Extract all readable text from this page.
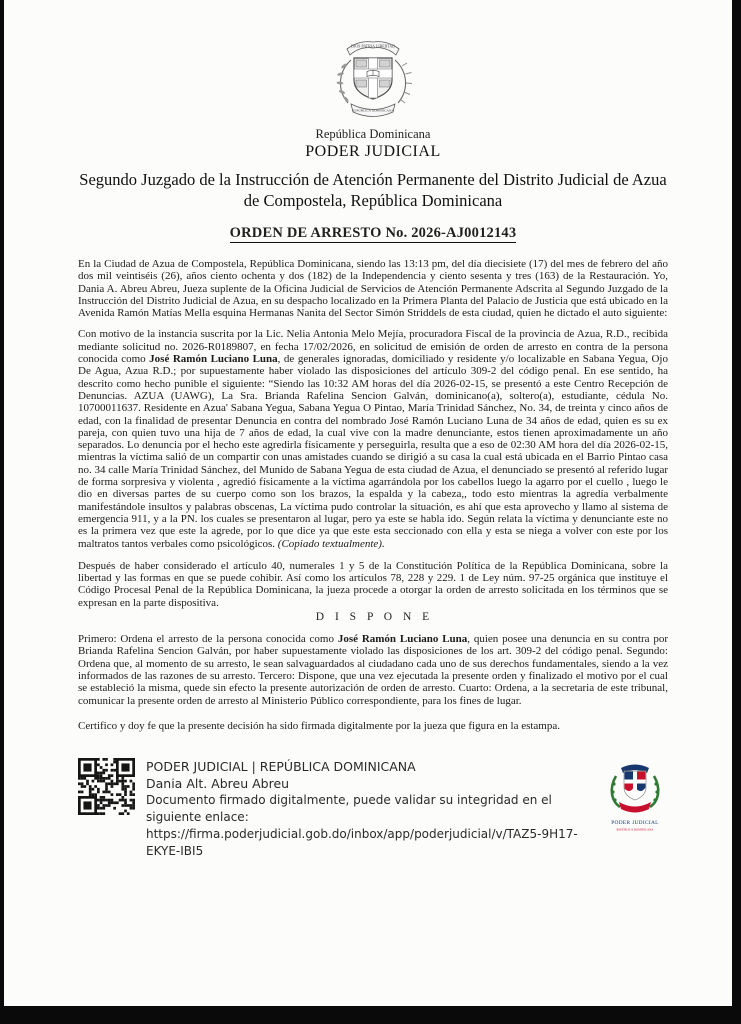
DIOS PATRIA LIBERTAD
REPÚBLICA DOMINICANA
República Dominicana
PODER JUDICIAL
Segundo Juzgado de la Instrucción de Atención Permanente del Distrito Judicial de Azua de Compostela, República Dominicana
ORDEN DE ARRESTO No. 2026-AJ0012143

En la Ciudad de Azua de Compostela, República Dominicana, siendo las 13:13 pm, del día diecisiete (17) del mes de febrero del año dos mil veintiséis (26), años ciento ochenta y dos (182) de la Independencia y ciento sesenta y tres (163) de la Restauración. Yo, Dania A. Abreu Abreu, Jueza suplente de la Oficina Judicial de Servicios de Atención Permanente Adscrita al Segundo Juzgado de la Instrucción del Distrito Judicial de Azua, en su despacho localizado en la Primera Planta del Palacio de Justicia que está ubicado en la Avenida Ramón Matías Mella esquina Hermanas Nanita del Sector Simón Striddels de esta ciudad, quien he dictado el auto siguiente:

Con motivo de la instancia suscrita por la Lic. Nelia Antonia Melo Mejía, procuradora Fiscal de la provincia de Azua, R.D., recibida mediante solicitud no. 2026-R0189807, en fecha 17/02/2026, en solicitud de emisión de orden de arresto en contra de la persona conocida como José Ramón Luciano Luna, de generales ignoradas, domiciliado y residente y/o localizable en Sabana Yegua, Ojo De Agua, Azua R.D.; por supuestamente haber violado las disposiciones del artículo 309-2 del código penal. En ese sentido, ha descrito como hecho punible el siguiente: “Siendo las 10:32 AM horas del día 2026-02-15, se presentó a este Centro Recepción de Denuncias. AZUA (UAWG), La Sra. Brianda Rafelina Sencion Galván, dominicano(a), soltero(a), estudiante, cédula No. 10700011637. Residente en Azua' Sabana Yegua, Sabana Yegua O Pintao, María Trinidad Sánchez, No. 34, de treinta y cinco años de edad, con la finalidad de presentar Denuncia en contra del nombrado José Ramón Luciano Luna de 34 años de edad, quien es su ex pareja, con quien tuvo una hija de 7 años de edad, la cual vive con la madre denunciante, estos tienen aproximadamente un año separados. Lo denuncia por el hecho este agredirla físicamente y perseguirla, resulta que a eso de 02:30 AM hora del día 2026-02-15, mientras la víctima salió de un compartir con unas amistades cuando se dirigió a su casa la cual está ubicada en el Barrio Pintao casa no. 34 calle María Trinidad Sánchez, del Munido de Sabana Yegua de esta ciudad de Azua, el denunciado se presentó al referido lugar de forma sorpresiva y violenta , agredió físicamente a la víctima agarrándola por los cabellos luego la agarro por el cuello , luego le dio en diversas partes de su cuerpo como son los brazos, la espalda y la cabeza,, todo esto mientras la agredía verbalmente manifestándole insultos y palabras obscenas, La víctima pudo controlar la situación, es ahí que esta aprovecho y llamo al sistema de emergencia 911, y a la PN. los cuales se presentaron al lugar, pero ya este se habla ido. Según relata la víctima y denunciante este no es la primera vez que este la agrede, por lo que dice ya que este esta seccionado con ella y esta se niega a volver con este por los maltratos tantos verbales como psicológicos. (Copiado textualmente).

Después de haber considerado el artículo 40, numerales 1 y 5 de la Constitución Política de la República Dominicana, sobre la libertad y las formas en que se puede cohibir. Así como los artículos 78, 228 y 229. 1 de Ley núm. 97-25 orgánica que instituye el Código Procesal Penal de la República Dominicana, la jueza procede a otorgar la orden de arresto solicitada en los términos que se expresan en la parte dispositiva.

D I S P O N E

Primero: Ordena el arresto de la persona conocida como José Ramón Luciano Luna, quien posee una denuncia en su contra por Brianda Rafelina Sencion Galván, por haber supuestamente violado las disposiciones de los art. 309-2 del código penal. Segundo: Ordena que, al momento de su arresto, le sean salvaguardados al ciudadano cada uno de sus derechos fundamentales, siendo a la vez informados de las razones de su arresto. Tercero: Dispone, que una vez ejecutada la presente orden y finalizado el motivo por el cual se estableció la misma, quede sin efecto la presente autorización de orden de arresto. Cuarto: Ordena, a la secretaria de este tribunal, comunicar la presente orden de arresto al Ministerio Público correspondiente, para los fines de lugar.

Certifico y doy fe que la presente decisión ha sido firmada digitalmente por la jueza que figura en la estampa.

PODER JUDICIAL | REPÚBLICA DOMINICANA
Dania Alt. Abreu Abreu
Documento firmado digitalmente, puede validar su integridad en el siguiente enlace:
https://firma.poderjudicial.gob.do/inbox/app/poderjudicial/v/TAZ5-9H17-EKYE-IBI5
PODER JUDICIAL
REPÚBLICA DOMINICANA
